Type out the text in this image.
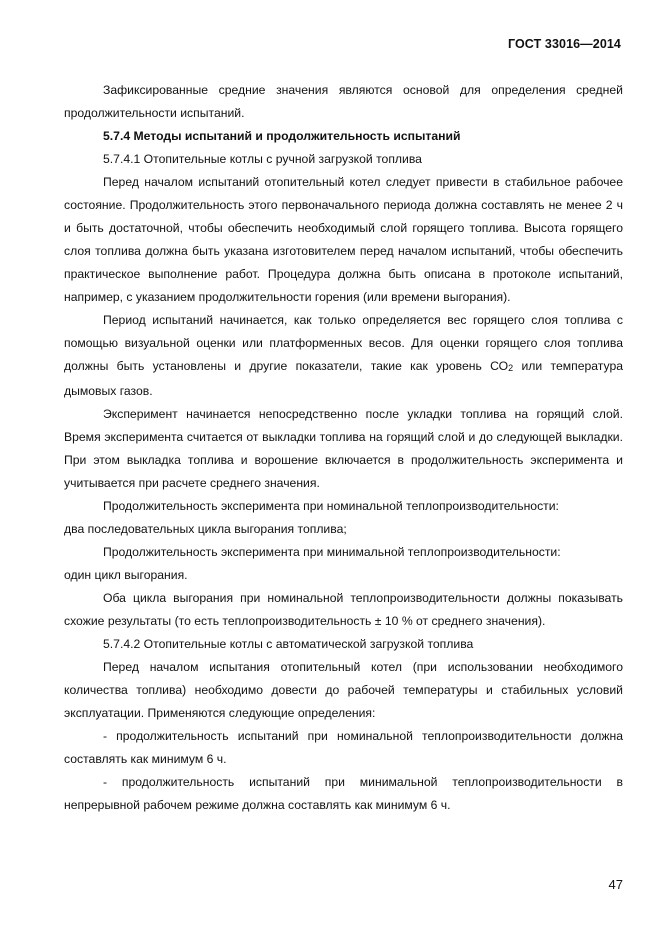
ГОСТ 33016—2014

Зафиксированные средние значения являются основой для определения средней продолжительности испытаний.

5.7.4 Методы испытаний и продолжительность испытаний

5.7.4.1 Отопительные котлы с ручной загрузкой топлива

Перед началом испытаний отопительный котел следует привести в стабильное рабочее состояние. Продолжительность этого первоначального периода должна составлять не менее 2 ч и быть достаточной, чтобы обеспечить необходимый слой горящего топлива. Высота горящего слоя топлива должна быть указана изготовителем перед началом испытаний, чтобы обеспечить практическое выполнение работ. Процедура должна быть описана в протоколе испытаний, например, с указанием продолжительности горения (или времени выгорания).

Период испытаний начинается, как только определяется вес горящего слоя топлива с помощью визуальной оценки или платформенных весов. Для оценки горящего слоя топлива должны быть установлены и другие показатели, такие как уровень $СО_2$ или температура дымовых газов.

Эксперимент начинается непосредственно после укладки топлива на горящий слой. Время эксперимента считается от выкладки топлива на горящий слой и до следующей выкладки. При этом выкладка топлива и ворошение включается в продолжительность эксперимента и учитывается при расчете среднего значения.

Продолжительность эксперимента при номинальной теплопроизводительности:

два последовательных цикла выгорания топлива;

Продолжительность эксперимента при минимальной теплопроизводительности:

один цикл выгорания.

Оба цикла выгорания при номинальной теплопроизводительности должны показывать схожие результаты (то есть теплопроизводительность ± 10 % от среднего значения).

5.7.4.2 Отопительные котлы с автоматической загрузкой топлива

Перед началом испытания отопительный котел (при использовании необходимого количества топлива) необходимо довести до рабочей температуры и стабильных условий эксплуатации. Применяются следующие определения:

- продолжительность испытаний при номинальной теплопроизводительности должна составлять как минимум 6 ч.

- продолжительность испытаний при минимальной теплопроизводительности в непрерывной рабочем режиме должна составлять как минимум 6 ч.

47
